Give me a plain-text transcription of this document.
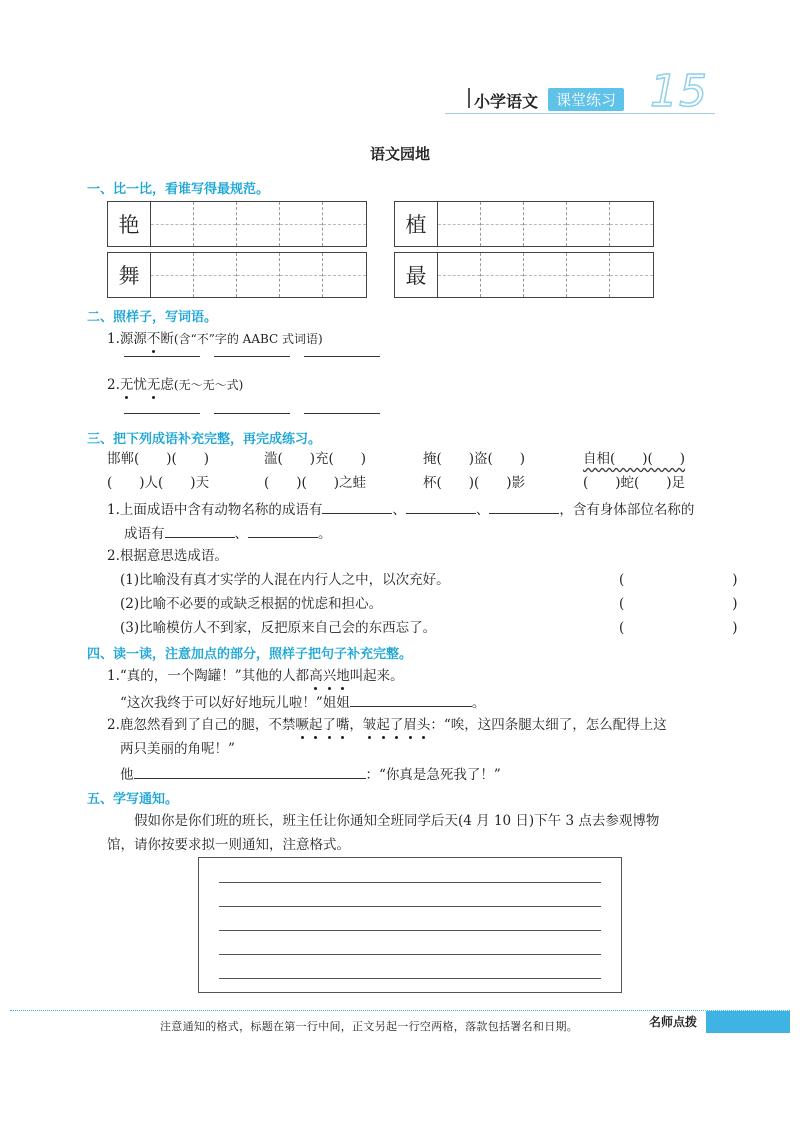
小学语文	课堂练习 15
语文园地
一、比一比，看谁写得最规范。
艳	植
舞	最
二、照样子，写词语。
1.源源不断(含“不”字的 AABC 式词语)
2.无忧无虑(无～无～式)
三、把下列成语补充完整，再完成练习。
邯郸(　　)(　　)	滥(　　)充(　　)	掩(　　)盗(　　)	自相(　　)(　　)
(　　)人(　　)天	(　　)(　　)之蛙	杯(　　)(　　)影	(　　)蛇(　　)足
1.上面成语中含有动物名称的成语有	、	、	，含有身体部位名称的
成语有	、	。
2.根据意思选成语。
(1)比喻没有真才实学的人混在内行人之中，以次充好。	(　　　　　　　　)
(2)比喻不必要的或缺乏根据的忧虑和担心。	(　　　　　　　　)
(3)比喻模仿人不到家，反把原来自己会的东西忘了。	(　　　　　　　　)
四、读一读，注意加点的部分，照样子把句子补充完整。
1.“真的，一个陶罐！”其他的人都高兴地叫起来。
“这次我终于可以好好地玩儿啦！”姐姐	。
2.鹿忽然看到了自己的腿，不禁噘起了嘴，皱起了眉头：“唉，这四条腿太细了，怎么配得上这
两只美丽的角呢！”
他	：“你真是急死我了！”
五、学写通知。
假如你是你们班的班长，班主任让你通知全班同学后天(4 月 10 日)下午 3 点去参观博物
馆，请你按要求拟一则通知，注意格式。
注意通知的格式，标题在第一行中间，正文另起一行空两格，落款包括署名和日期。	名师点拨
